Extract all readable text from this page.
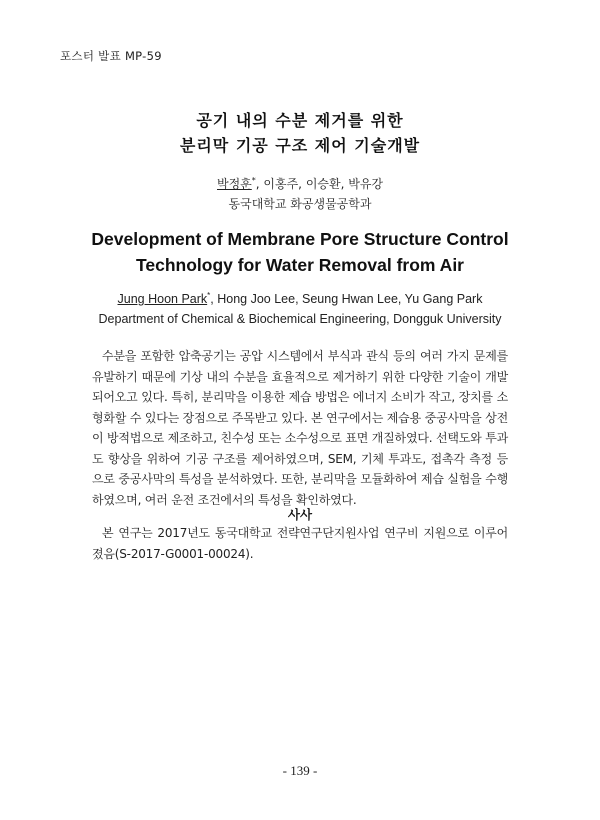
포스터 발표 MP-59
공기 내의 수분 제거를 위한
분리막 기공 구조 제어 기술개발
박정훈*, 이홍주, 이승환, 박유강
동국대학교 화공생물공학과
Development of Membrane Pore Structure Control
Technology for Water Removal from Air
Jung Hoon Park*, Hong Joo Lee, Seung Hwan Lee, Yu Gang Park
Department of Chemical & Biochemical Engineering, Dongguk University

수분을 포함한 압축공기는 공압 시스템에서 부식과 관식 등의 여러 가지 문제를 유발하기 때문에 기상 내의 수분을 효율적으로 제거하기 위한 다양한 기술이 개발되어오고 있다. 특히, 분리막을 이용한 제습 방법은 에너지 소비가 작고, 장치를 소형화할 수 있다는 장점으로 주목받고 있다. 본 연구에서는 제습용 중공사막을 상전이 방적법으로 제조하고, 친수성 또는 소수성으로 표면 개질하였다. 선택도와 투과도 향상을 위하여 기공 구조를 제어하였으며, SEM, 기체 투과도, 접촉각 측정 등으로 중공사막의 특성을 분석하였다. 또한, 분리막을 모듈화하여 제습 실험을 수행하였으며, 여러 운전 조건에서의 특성을 확인하였다.

사사

본 연구는 2017년도 동국대학교 전략연구단지원사업 연구비 지원으로 이루어졌음(S-2017-G0001-00024).

- 139 -
